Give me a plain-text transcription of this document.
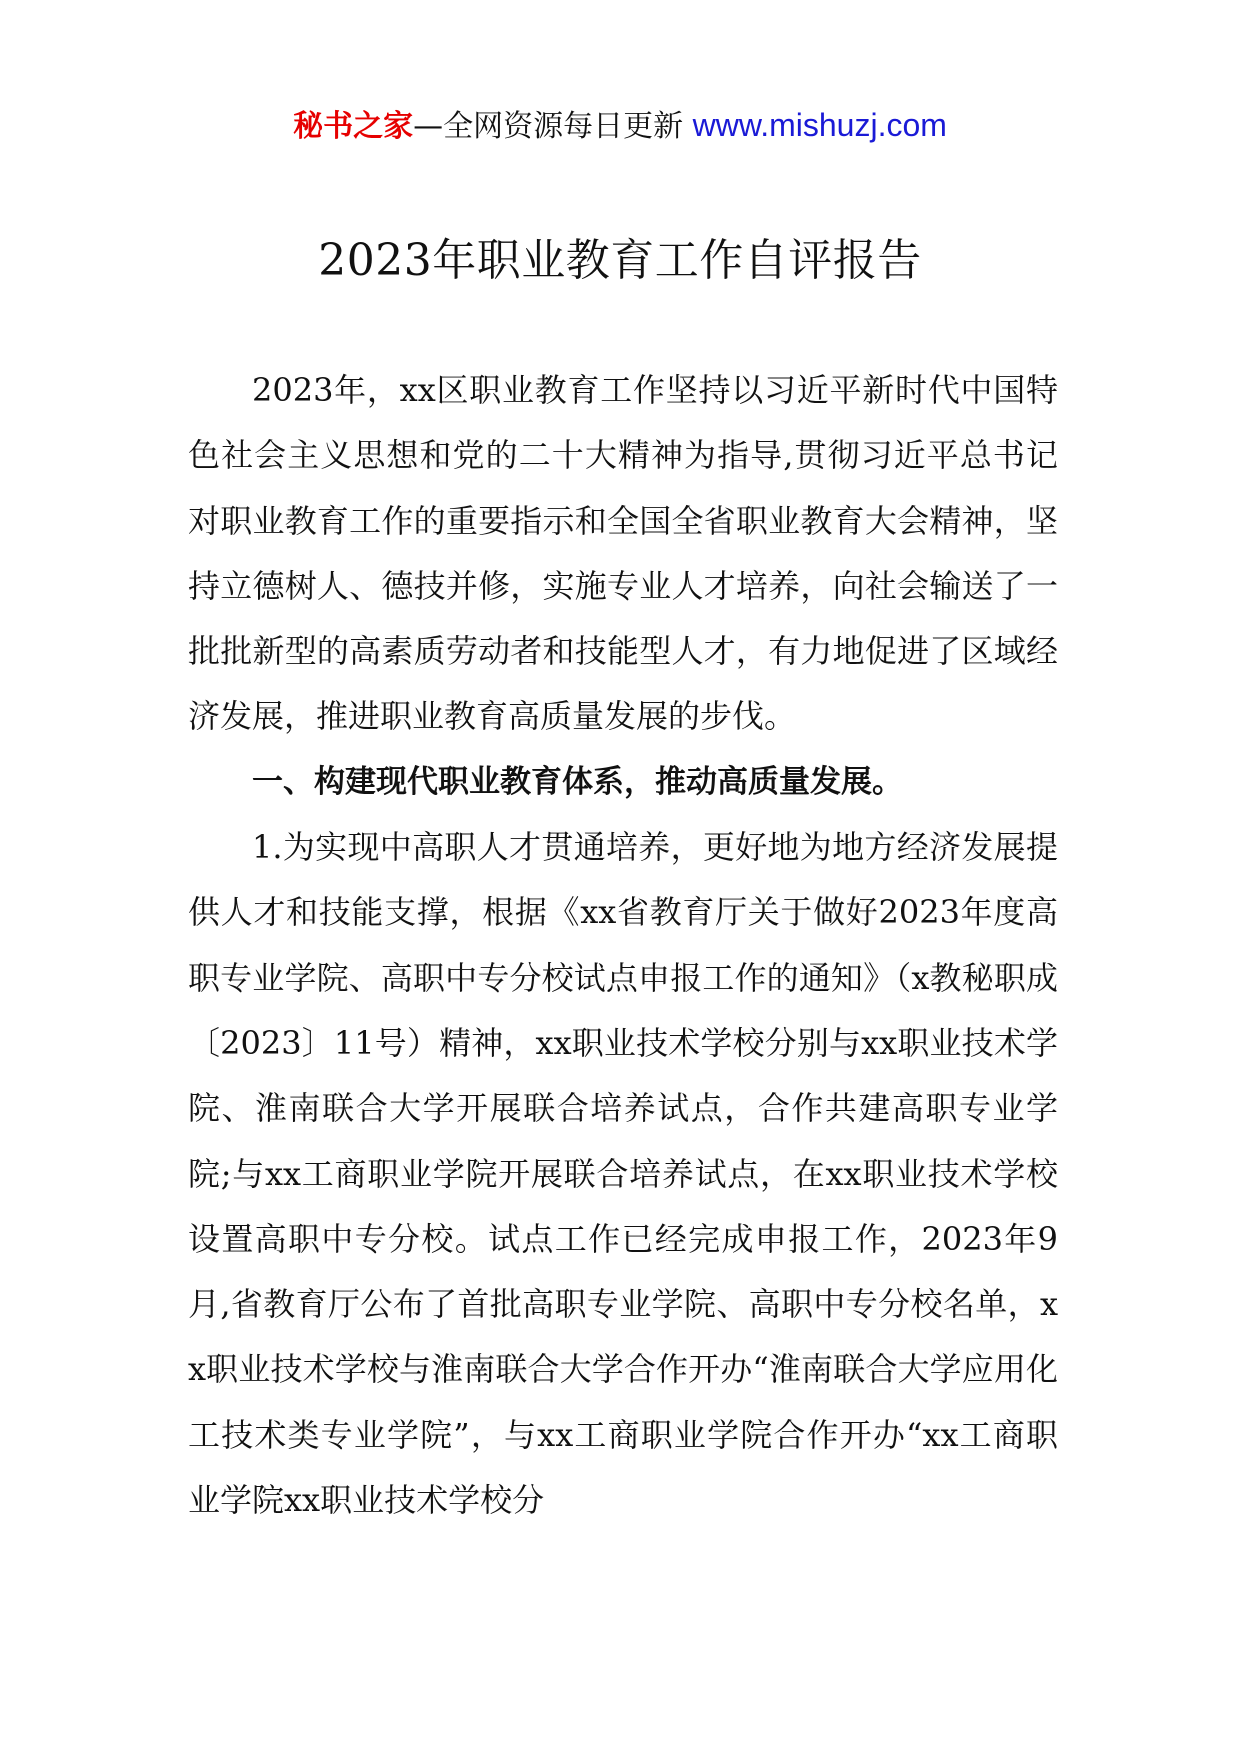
秘书之家—全网资源每日更新 www.mishuzj.com
2023年职业教育工作自评报告

2023年，xx区职业教育工作坚持以习近平新时代中国特色社会主义思想和党的二十大精神为指导,贯彻习近平总书记对职业教育工作的重要指示和全国全省职业教育大会精神，坚持立德树人、德技并修，实施专业人才培养，向社会输送了一批批新型的高素质劳动者和技能型人才，有力地促进了区域经济发展，推进职业教育高质量发展的步伐。

一、构建现代职业教育体系，推动高质量发展。

1.为实现中高职人才贯通培养，更好地为地方经济发展提供人才和技能支撑，根据《xx省教育厅关于做好2023年度高职专业学院、高职中专分校试点申报工作的通知》（x教秘职成〔2023〕11号）精神，xx职业技术学校分别与xx职业技术学院、淮南联合大学开展联合培养试点，合作共建高职专业学院;与xx工商职业学院开展联合培养试点，在xx职业技术学校设置高职中专分校。试点工作已经完成申报工作，2023年9月,省教育厅公布了首批高职专业学院、高职中专分校名单，xx职业技术学校与淮南联合大学合作开办“淮南联合大学应用化工技术类专业学院”，与xx工商职业学院合作开办“xx工商职业学院xx职业技术学校分
